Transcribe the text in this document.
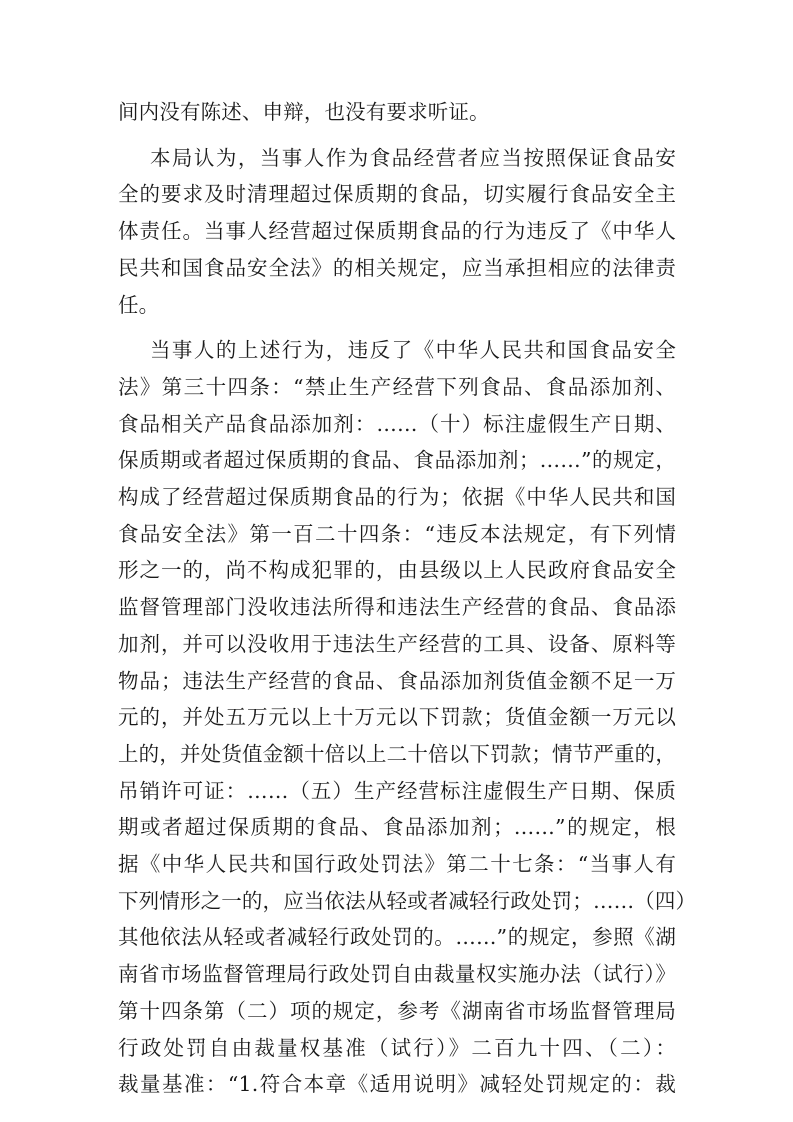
间内没有陈述、申辩，也没有要求听证。
本局认为，当事人作为食品经营者应当按照保证食品安
全的要求及时清理超过保质期的食品，切实履行食品安全主
体责任。当事人经营超过保质期食品的行为违反了《中华人
民共和国食品安全法》的相关规定，应当承担相应的法律责
任。
当事人的上述行为，违反了《中华人民共和国食品安全
法》第三十四条：“禁止生产经营下列食品、食品添加剂、
食品相关产品食品添加剂：……（十）标注虚假生产日期、
保质期或者超过保质期的食品、食品添加剂；……”的规定，
构成了经营超过保质期食品的行为；依据《中华人民共和国
食品安全法》第一百二十四条：“违反本法规定，有下列情
形之一的，尚不构成犯罪的，由县级以上人民政府食品安全
监督管理部门没收违法所得和违法生产经营的食品、食品添
加剂，并可以没收用于违法生产经营的工具、设备、原料等
物品；违法生产经营的食品、食品添加剂货值金额不足一万
元的，并处五万元以上十万元以下罚款；货值金额一万元以
上的，并处货值金额十倍以上二十倍以下罚款；情节严重的，
吊销许可证：……（五）生产经营标注虚假生产日期、保质
期或者超过保质期的食品、食品添加剂；……”的规定，根
据《中华人民共和国行政处罚法》第二十七条：“当事人有
下列情形之一的，应当依法从轻或者减轻行政处罚；……（四）
其他依法从轻或者减轻行政处罚的。……”的规定，参照《湖
南省市场监督管理局行政处罚自由裁量权实施办法（试行）》
第十四条第（二）项的规定，参考《湖南省市场监督管理局
行政处罚自由裁量权基准（试行）》二百九十四、（二）：
裁量基准：“1.符合本章《适用说明》减轻处罚规定的：裁
